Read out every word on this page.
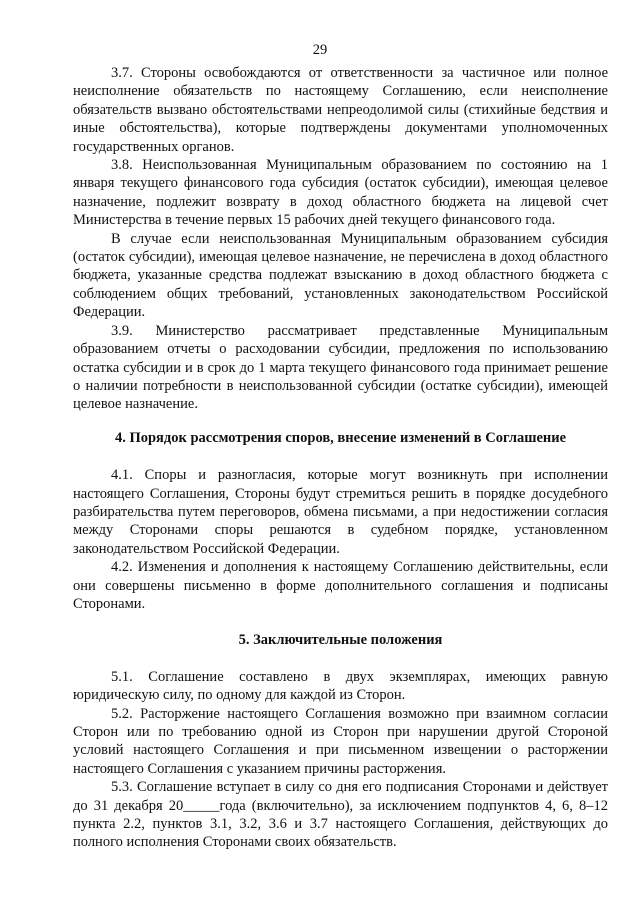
29

3.7. Стороны освобождаются от ответственности за частичное или полное неисполнение обязательств по настоящему Соглашению, если неисполнение обязательств вызвано обстоятельствами непреодолимой силы (стихийные бедствия и иные обстоятельства), которые подтверждены документами уполномоченных государственных органов.

3.8. Неиспользованная Муниципальным образованием по состоянию на 1 января текущего финансового года субсидия (остаток субсидии), имеющая целевое назначение, подлежит возврату в доход областного бюджета на лицевой счет Министерства в течение первых 15 рабочих дней текущего финансового года.

В случае если неиспользованная Муниципальным образованием субсидия (остаток субсидии), имеющая целевое назначение, не перечислена в доход областного бюджета, указанные средства подлежат взысканию в доход областного бюджета с соблюдением общих требований, установленных законодательством Российской Федерации.

3.9. Министерство рассматривает представленные Муниципальным образованием отчеты о расходовании субсидии, предложения по использованию остатка субсидии и в срок до 1 марта текущего финансового года принимает решение о наличии потребности в неиспользованной субсидии (остатке субсидии), имеющей целевое назначение.

4. Порядок рассмотрения споров, внесение изменений в Соглашение

4.1. Споры и разногласия, которые могут возникнуть при исполнении настоящего Соглашения, Стороны будут стремиться решить в порядке досудебного разбирательства путем переговоров, обмена письмами, а при недостижении согласия между Сторонами споры решаются в судебном порядке, установленном законодательством Российской Федерации.

4.2. Изменения и дополнения к настоящему Соглашению действительны, если они совершены письменно в форме дополнительного соглашения и подписаны Сторонами.

5. Заключительные положения

5.1. Соглашение составлено в двух экземплярах, имеющих равную юридическую силу, по одному для каждой из Сторон.

5.2. Расторжение настоящего Соглашения возможно при взаимном согласии Сторон или по требованию одной из Сторон при нарушении другой Стороной условий настоящего Соглашения и при письменном извещении о расторжении настоящего Соглашения с указанием причины расторжения.

5.3. Соглашение вступает в силу со дня его подписания Сторонами и действует до 31 декабря 20_____года (включительно), за исключением подпунктов 4, 6, 8–12 пункта 2.2, пунктов 3.1, 3.2, 3.6 и 3.7 настоящего Соглашения, действующих до полного исполнения Сторонами своих обязательств.
